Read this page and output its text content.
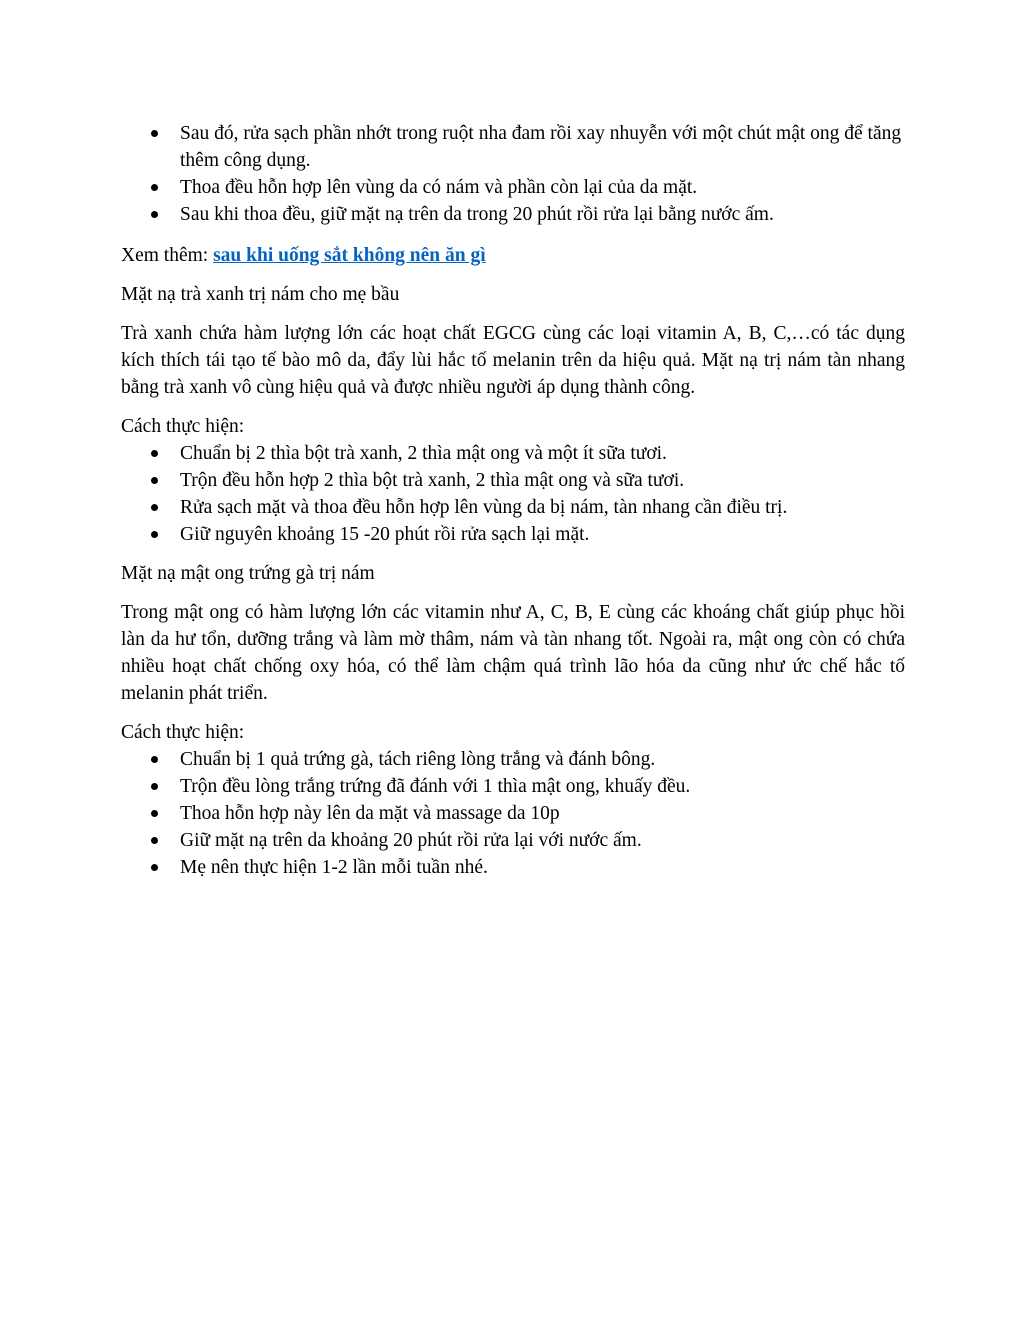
Sau đó, rửa sạch phần nhớt trong ruột nha đam rồi xay nhuyễn với một chút mật ong để tăng thêm công dụng.
Thoa đều hỗn hợp lên vùng da có nám và phần còn lại của da mặt.
Sau khi thoa đều, giữ mặt nạ trên da trong 20 phút rồi rửa lại bằng nước ấm.

Xem thêm: sau khi uống sắt không nên ăn gì

Mặt nạ trà xanh trị nám cho mẹ bầu

Trà xanh chứa hàm lượng lớn các hoạt chất EGCG cùng các loại vitamin A, B, C,…có tác dụng kích thích tái tạo tế bào mô da, đẩy lùi hắc tố melanin trên da hiệu quả. Mặt nạ trị nám tàn nhang bằng trà xanh vô cùng hiệu quả và được nhiều người áp dụng thành công.

Cách thực hiện:

Chuẩn bị 2 thìa bột trà xanh, 2 thìa mật ong và một ít sữa tươi.
Trộn đều hỗn hợp 2 thìa bột trà xanh, 2 thìa mật ong và sữa tươi.
Rửa sạch mặt và thoa đều hỗn hợp lên vùng da bị nám, tàn nhang cần điều trị.
Giữ nguyên khoảng 15 -20 phút rồi rửa sạch lại mặt.

Mặt nạ mật ong trứng gà trị nám

Trong mật ong có hàm lượng lớn các vitamin như A, C, B, E cùng các khoáng chất giúp phục hồi làn da hư tổn, dưỡng trắng và làm mờ thâm, nám và tàn nhang tốt. Ngoài ra, mật ong còn có chứa nhiều hoạt chất chống oxy hóa, có thể làm chậm quá trình lão hóa da cũng như ức chế hắc tố melanin phát triển.

Cách thực hiện:

Chuẩn bị 1 quả trứng gà, tách riêng lòng trắng và đánh bông.
Trộn đều lòng trắng trứng đã đánh với 1 thìa mật ong, khuấy đều.
Thoa hỗn hợp này lên da mặt và massage da 10p
Giữ mặt nạ trên da khoảng 20 phút rồi rửa lại với nước ấm.
Mẹ nên thực hiện 1-2 lần mỗi tuần nhé.
